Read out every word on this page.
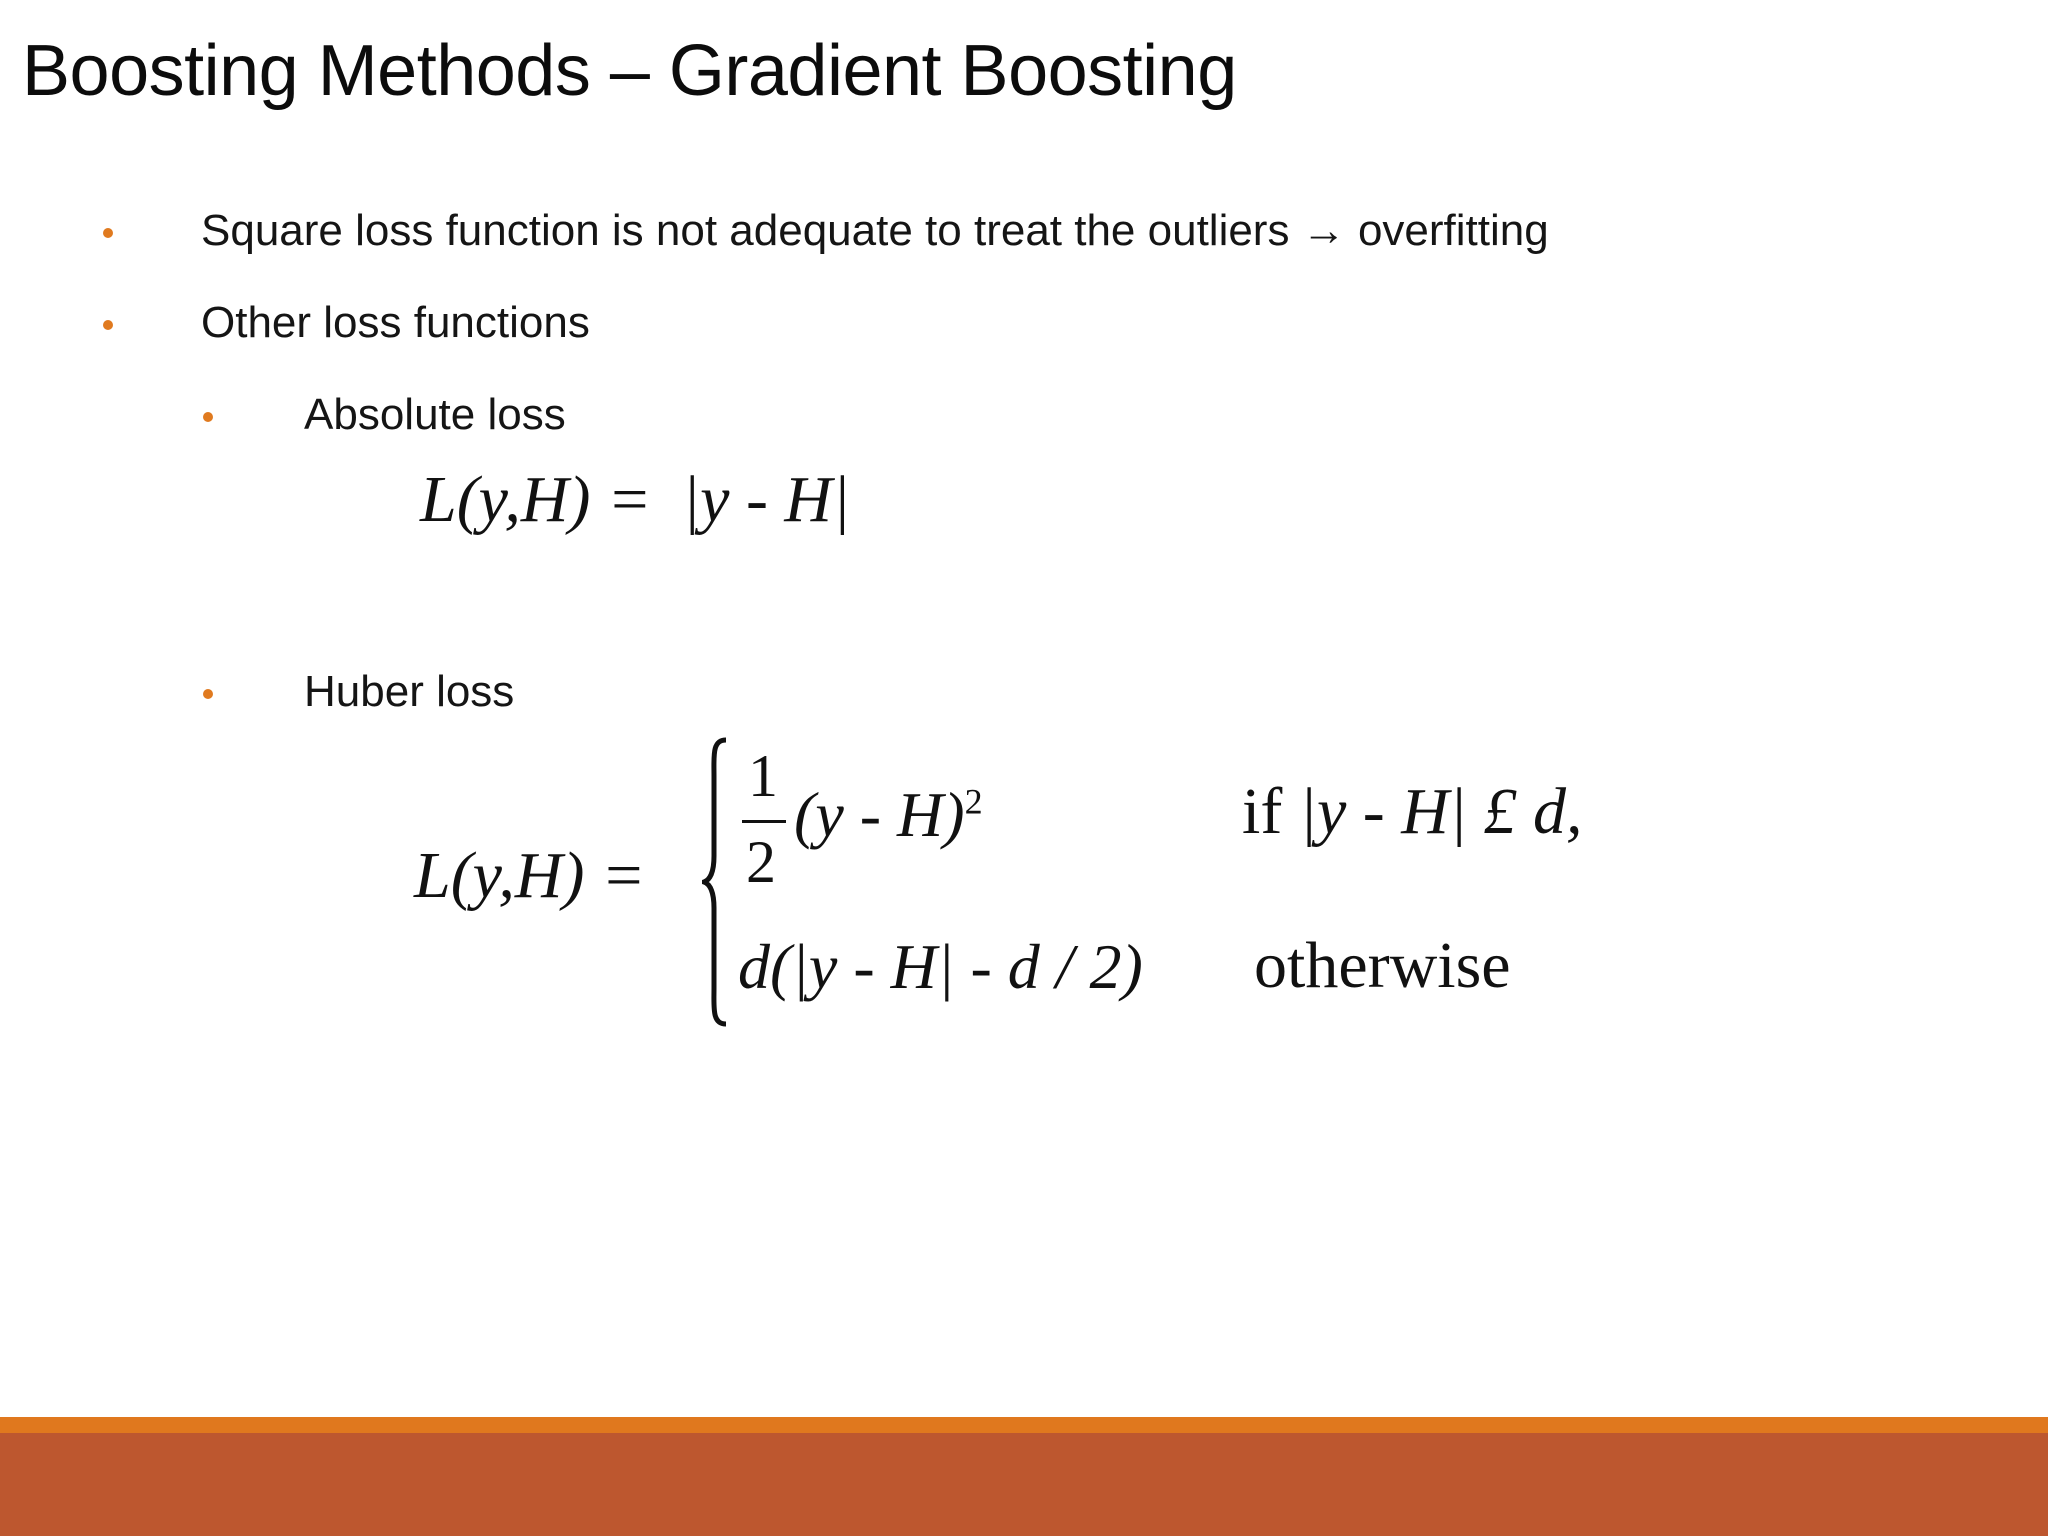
Boosting Methods – Gradient Boosting
Square loss function is not adequate to treat the outliers → overfitting
Other loss functions
Absolute loss
L(y,H) = |y - H|
Huber loss
L(y,H) =
1
2
(y - H)$^2$	if |y - H| £ d,
d(|y - H| - d / 2) otherwise
